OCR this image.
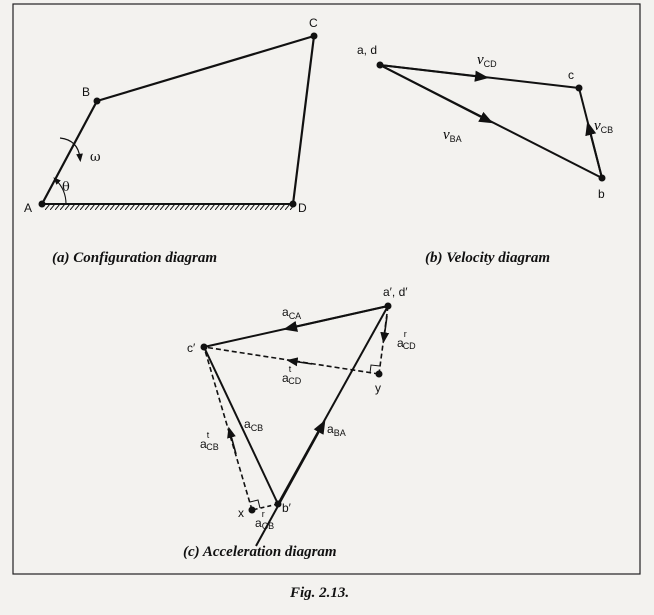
A
B
C
D
ω
θ
(a) Configuration diagram
a, d
c
b
vCD
vBA
vCB
(b) Velocity diagram
a′, d′
c′
b′
x
y
aCA
$a^r$ CD
$a^t$ CD
aCB	aBA
$a^t$ CB
$a^r$ CB
(c) Acceleration diagram
Fig. 2.13.
